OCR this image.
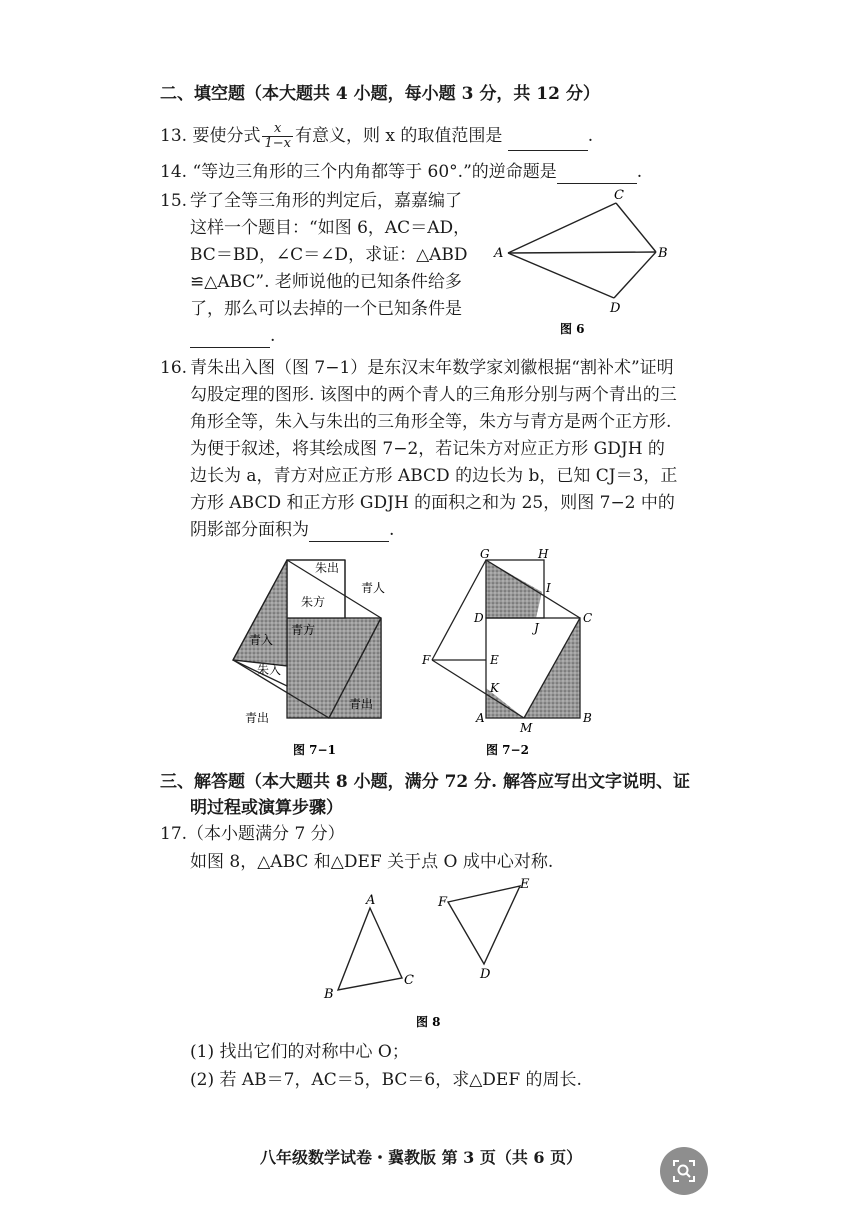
二、填空题（本大题共 4 小题，每小题 3 分，共 12 分）
13. 要使分式 $\frac{x}{1-x}$ 有意义，则 x 的取值范围是	.
14. “等边三角形的三个内角都等于 60°.”的逆命题是	.
15. 学了全等三角形的判定后，嘉嘉编了
这样一个题目：“如图 6，AC＝AD，
BC＝BD，∠C＝∠D，求证：△ABD
≌△ABC”. 老师说他的已知条件给多
了，那么可以去掉的一个已知条件是
.
A
C
B
D
图 6
16. 青朱出入图（图 7−1）是东汉末年数学家刘徽根据“割补术”证明
勾股定理的图形. 该图中的两个青人的三角形分别与两个青出的三
角形全等，朱入与朱出的三角形全等，朱方与青方是两个正方形.
为便于叙述，将其绘成图 7−2，若记朱方对应正方形 GDJH 的
边长为 a，青方对应正方形 ABCD 的边长为 b，已知 CJ＝3，正
方形 ABCD 和正方形 GDJH 的面积之和为 25，则图 7−2 中的
阴影部分面积为	.
朱出
青人
朱方
青方
青入
朱入
青出
青出
图 7−1
G	H
I
D
J
C
F	E
K
A
M
B
图 7−2
三、解答题（本大题共 8 小题，满分 72 分. 解答应写出文字说明、证
明过程或演算步骤）
17.（本小题满分 7 分）
如图 8，△ABC 和△DEF 关于点 O 成中心对称.
A
B
C	D
E
F
图 8
(1) 找出它们的对称中心 O；
(2) 若 AB＝7，AC＝5，BC＝6，求△DEF 的周长.
八年级数学试卷・冀教版 第 3 页（共 6 页）
